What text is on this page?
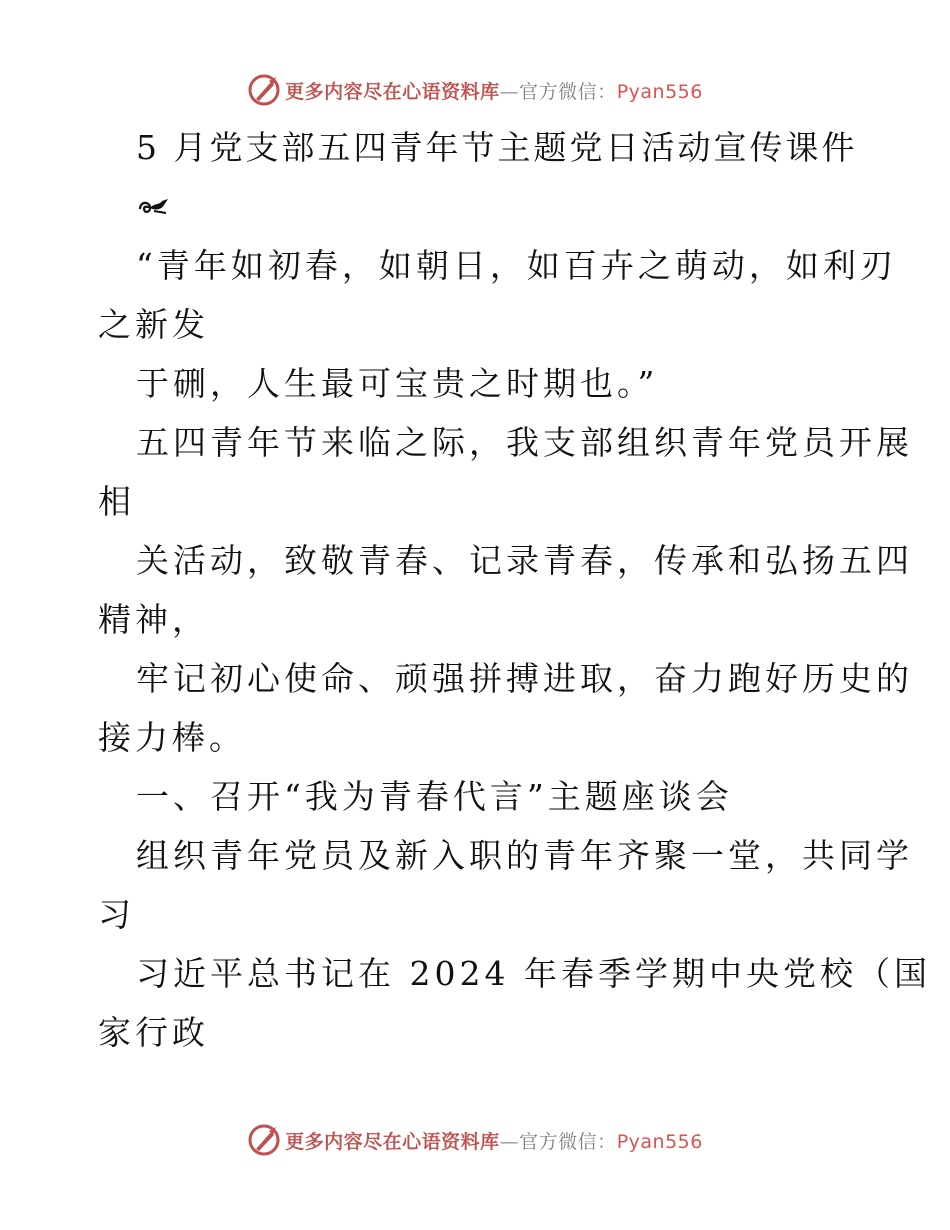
更多内容尽在心语资料库—官方微信：Pyan556
5 月党支部五四青年节主题党日活动宣传课件
“青年如初春，如朝日，如百卉之萌动，如利刃
之新发
于硎，人生最可宝贵之时期也。”
五四青年节来临之际，我支部组织青年党员开展
相
关活动，致敬青春、记录青春，传承和弘扬五四
精神，
牢记初心使命、顽强拼搏进取，奋力跑好历史的
接力棒。
一、召开“我为青春代言”主题座谈会
组织青年党员及新入职的青年齐聚一堂，共同学
习
习近平总书记在 2024 年春季学期中央党校（国
家行政
更多内容尽在心语资料库—官方微信：Pyan556
